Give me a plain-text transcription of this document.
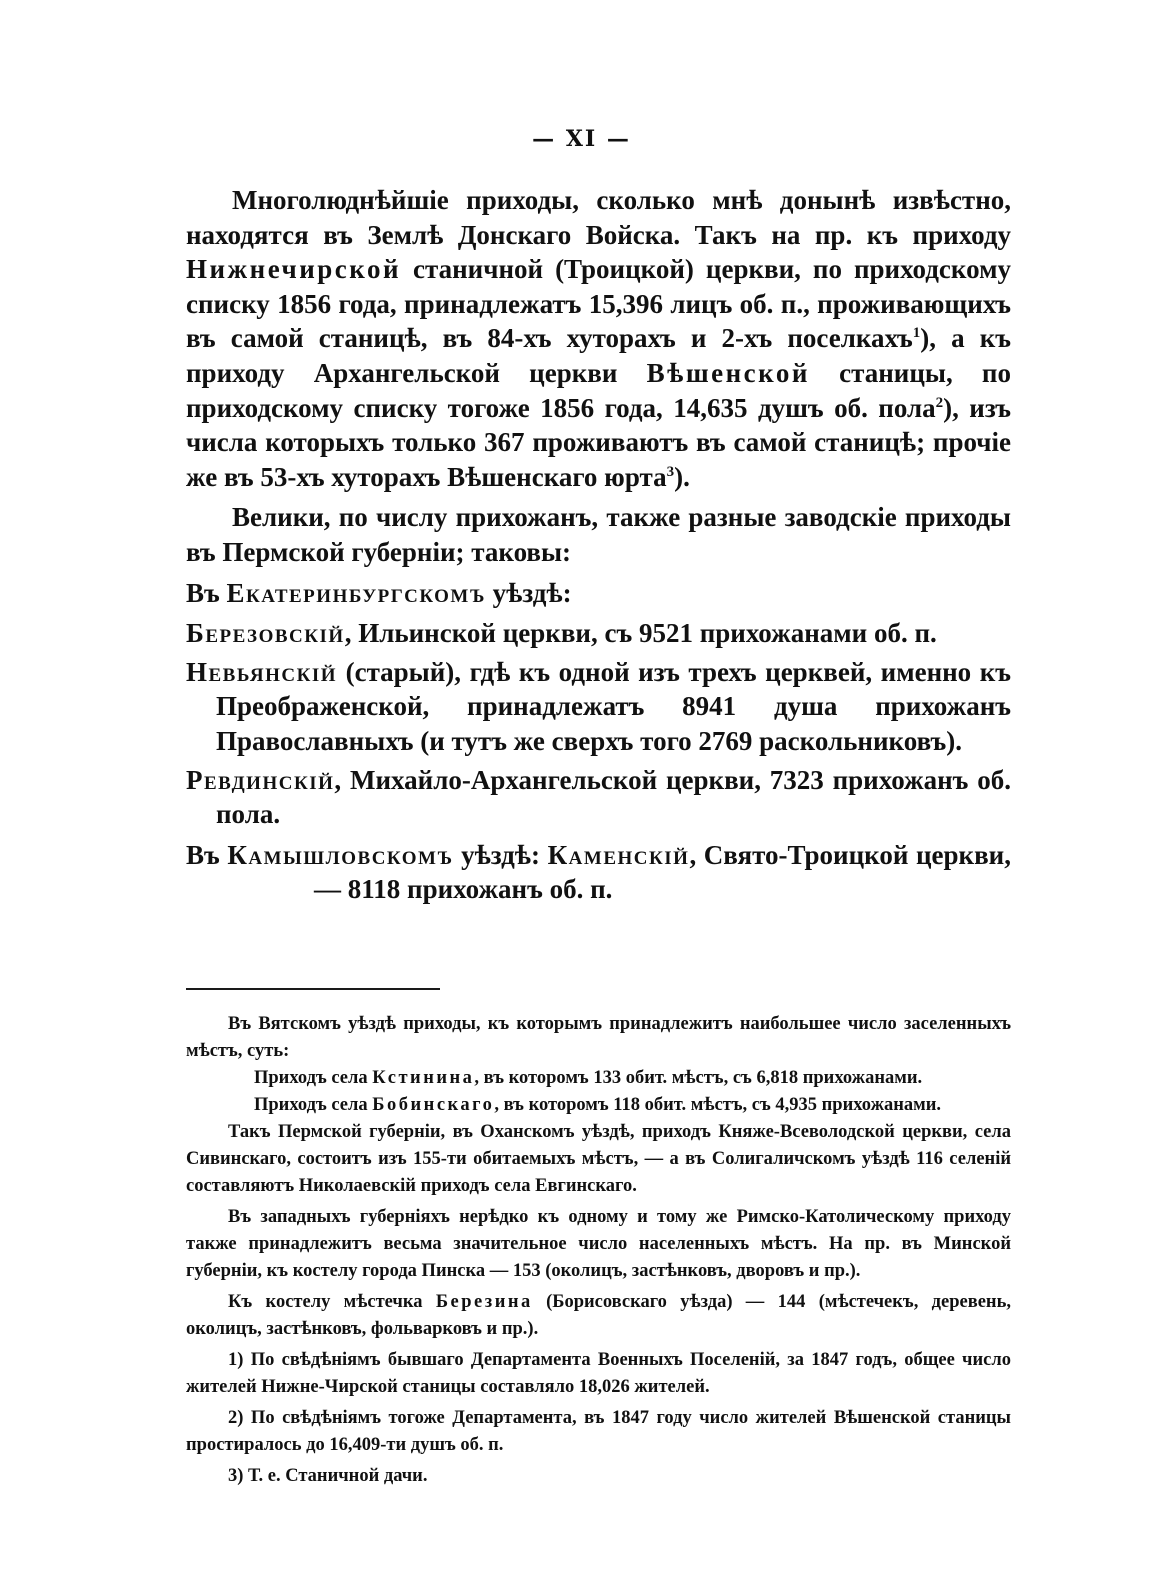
— XI —

Многолюднѣйшіе приходы, сколько мнѣ донынѣ извѣстно, находятся въ Землѣ Донскаго Войска. Такъ на пр. къ приходу Нижнечирской станичной (Троицкой) церкви, по приходскому списку 1856 года, принадлежатъ 15,396 лицъ об. п., проживающихъ въ самой станицѣ, въ 84-хъ хуторахъ и 2-хъ поселкахъ$^1$), а къ приходу Архангельской церкви Вѣшенской станицы, по приходскому списку тогоже 1856 года, 14,635 душъ об. пола$^2$), изъ числа которыхъ только 367 проживаютъ въ самой станицѣ; прочіе же въ 53-хъ хуторахъ Вѣшенскаго юрта$^3$).

Велики, по числу прихожанъ, также разные заводскіе приходы въ Пермской губерніи; таковы:

Въ Екатеринбургскомъ уѣздѣ:

Березовскій, Ильинской церкви, съ 9521 прихожанами об. п.

Невьянскій (старый), гдѣ къ одной изъ трехъ церквей, именно къ Преображенской, принадлежатъ 8941 душа прихожанъ Православныхъ (и тутъ же сверхъ того 2769 раскольниковъ).

Ревдинскій, Михайло-Архангельской церкви, 7323 прихожанъ об. пола.

Въ Камышловскомъ уѣздѣ: Каменскій, Свято-Троицкой церкви, — 8118 прихожанъ об. п.

Въ Вятскомъ уѣздѣ приходы, къ которымъ принадлежитъ наибольшее число заселенныхъ мѣстъ, суть:

Приходъ села Кстинина, въ которомъ 133 обит. мѣстъ, съ 6,818 прихожанами.

Приходъ села Бобинскаго, въ которомъ 118 обит. мѣстъ, съ 4,935 прихожанами.

Такъ Пермской губерніи, въ Оханскомъ уѣздѣ, приходъ Княже-Всеволодской церкви, села Сивинскаго, состоитъ изъ 155-ти обитаемыхъ мѣстъ, — а въ Солигаличскомъ уѣздѣ 116 селеній составляютъ Николаевскій приходъ села Евгинскаго.

Въ западныхъ губерніяхъ нерѣдко къ одному и тому же Римско-Католическому приходу также принадлежитъ весьма значительное число населенныхъ мѣстъ. На пр. въ Минской губерніи, къ костелу города Пинска — 153 (околицъ, застѣнковъ, дворовъ и пр.).

Къ костелу мѣстечка Березина (Борисовскаго уѣзда) — 144 (мѣстечекъ, деревень, околицъ, застѣнковъ, фольварковъ и пр.).

1) По свѣдѣніямъ бывшаго Департамента Военныхъ Поселеній, за 1847 годъ, общее число жителей Нижне-Чирской станицы составляло 18,026 жителей.

2) По свѣдѣніямъ тогоже Департамента, въ 1847 году число жителей Вѣшенской станицы простиралось до 16,409-ти душъ об. п.

3) Т. е. Станичной дачи.
